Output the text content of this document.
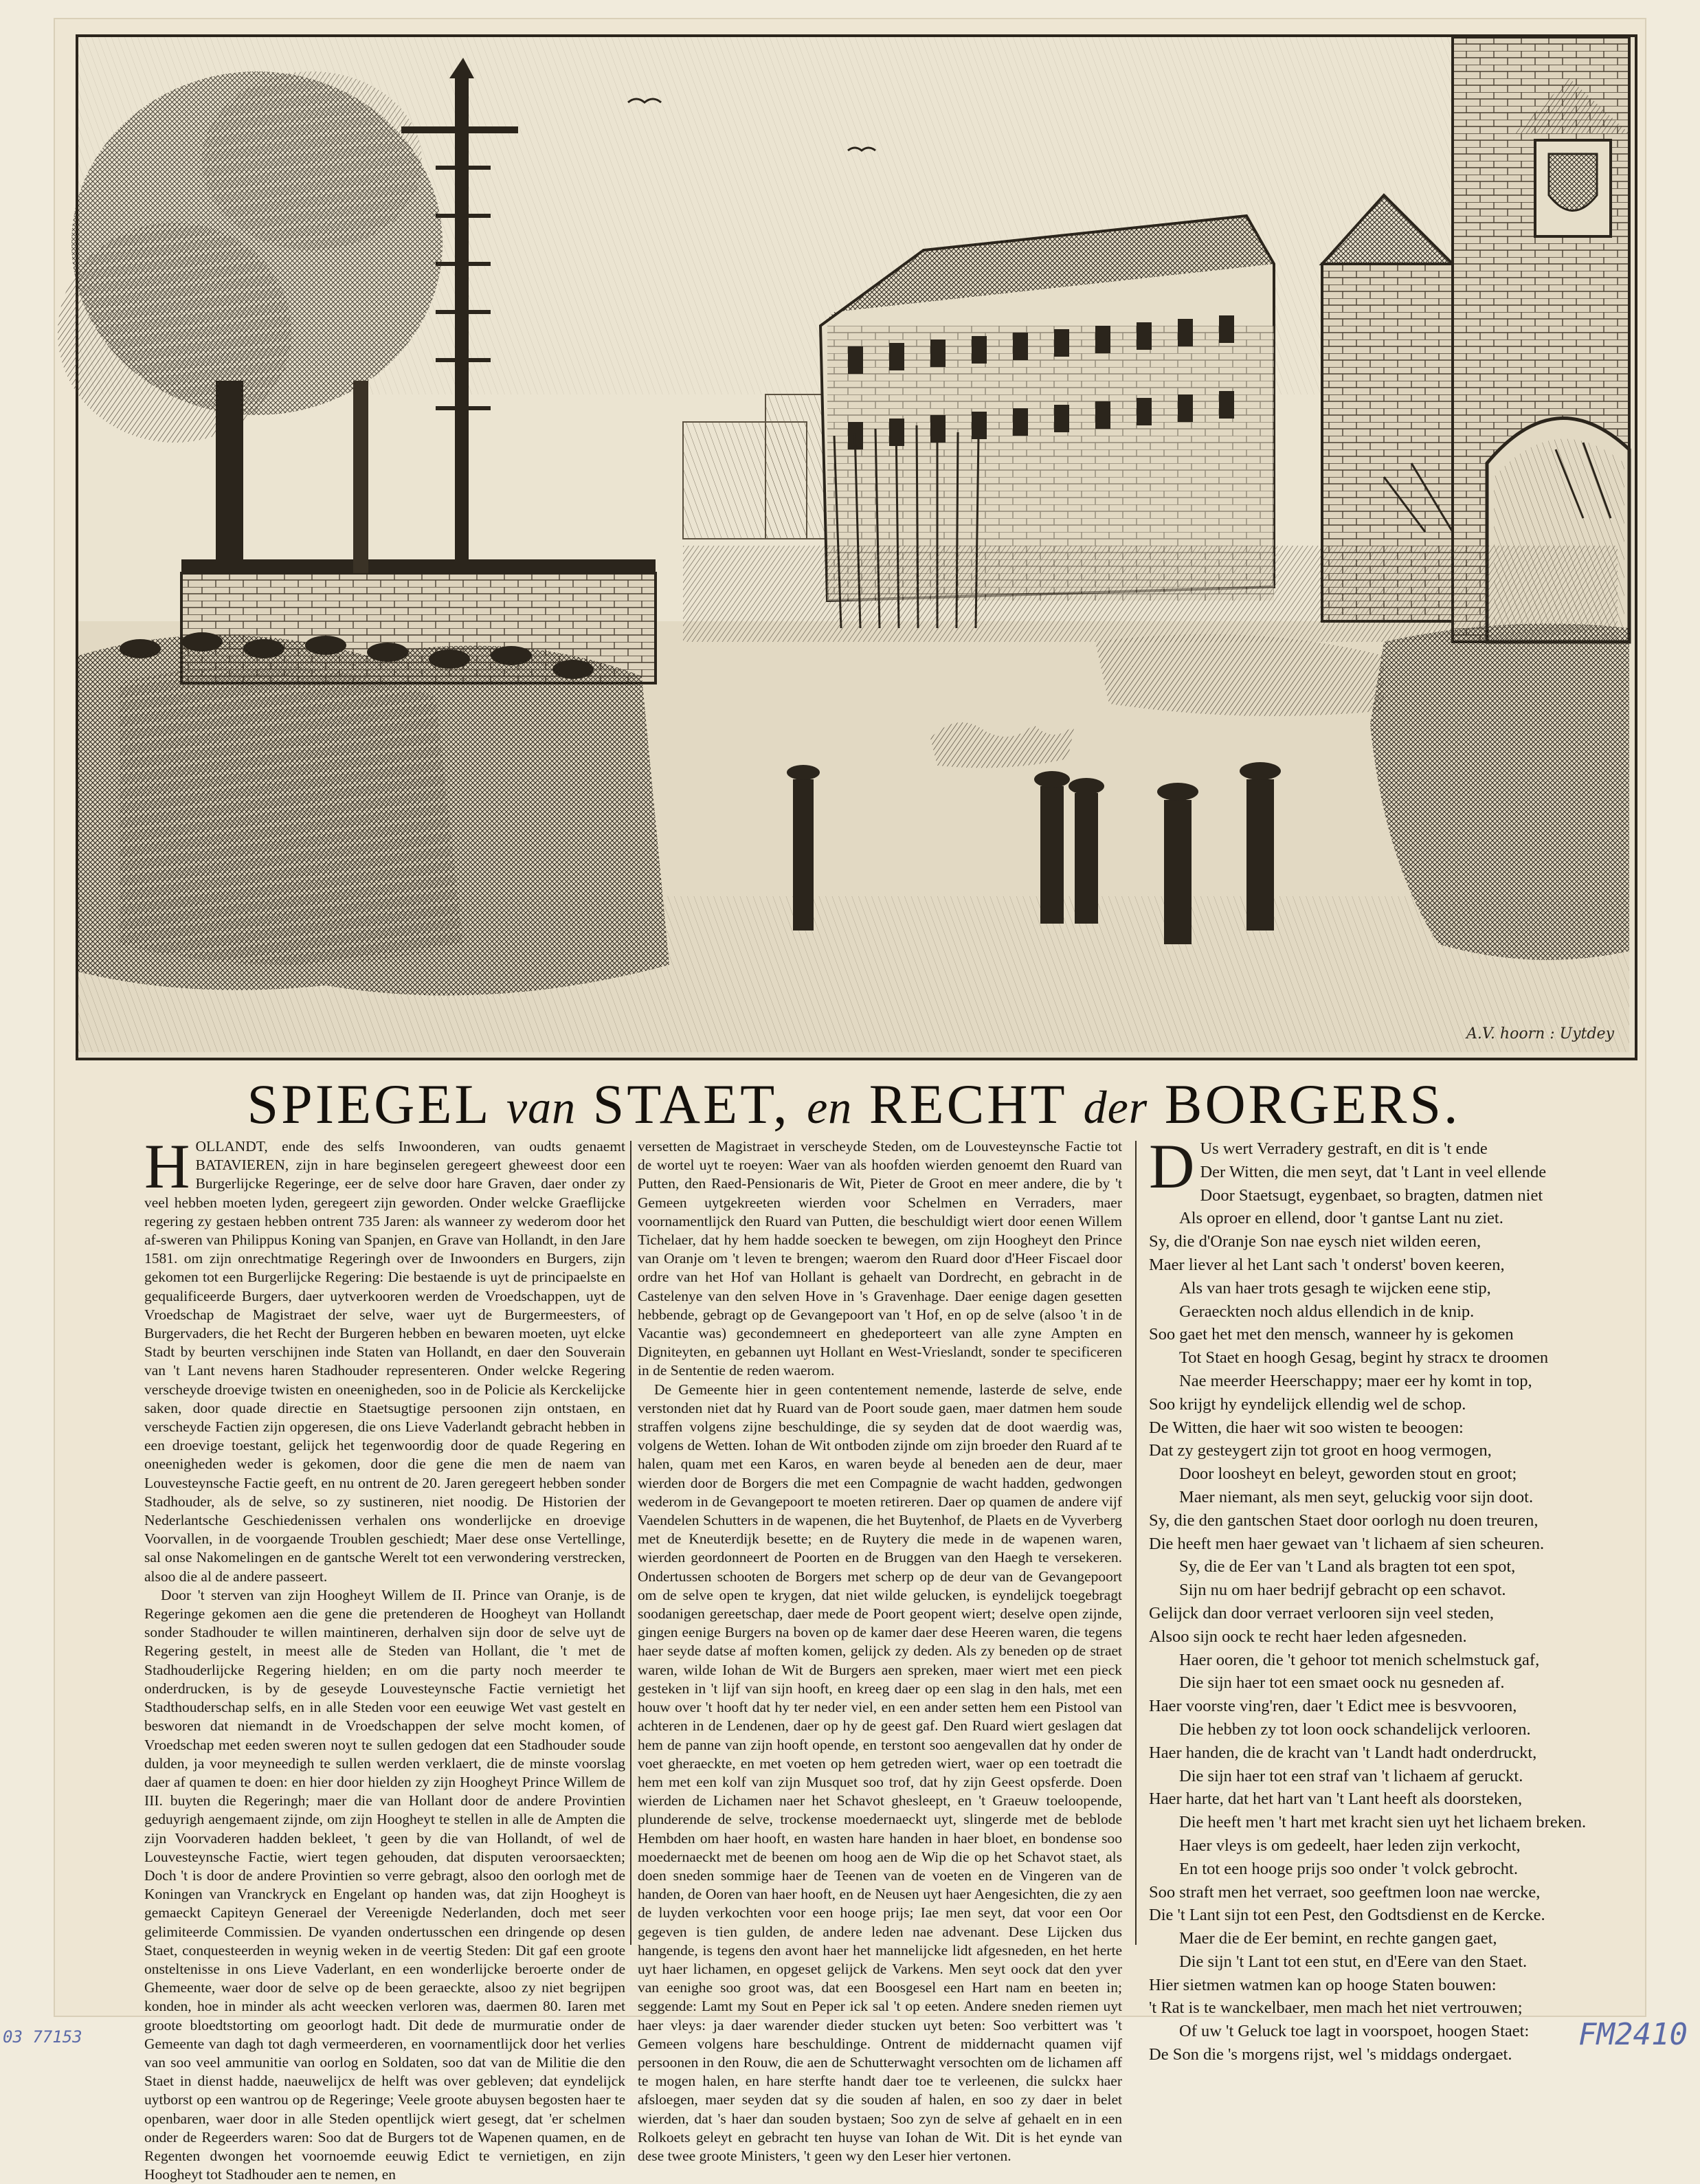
A.V. hoorn : Uytdey
SPIEGEL van STAET, en RECHT der BORGERS.
H OLLANDT, ende des selfs Inwoonderen, van oudts genaemt BATAVIEREN, zijn in hare beginselen geregeert gheweest door een Burgerlijcke Regeringe, eer de selve door hare Graven, daer onder zy veel hebben moeten lyden, geregeert zijn geworden. Onder welcke Graeflijcke regering zy gestaen hebben ontrent 735 Jaren: als wanneer zy wederom door het af-sweren van Philippus Koning van Spanjen, en Grave van Hollandt, in den Jare 1581. om zijn onrechtmatige Regeringh over de Inwoonders en Burgers, zijn gekomen tot een Burgerlijcke Regering: Die bestaende is uyt de principaelste en gequalificeerde Burgers, daer uytverkooren werden de Vroedschappen, uyt de Vroedschap de Magistraet der selve, waer uyt de Burgermeesters, of Burgervaders, die het Recht der Burgeren hebben en bewaren moeten, uyt elcke Stadt by beurten verschijnen inde Staten van Hollandt, en daer den Souverain van 't Lant nevens haren Stadhouder representeren. Onder welcke Regering verscheyde droevige twisten en oneenigheden, soo in de Policie als Kerckelijcke saken, door quade directie en Staetsugtige persoonen zijn ontstaen, en verscheyde Factien zijn opgeresen, die ons Lieve Vaderlandt gebracht hebben in een droevige toestant, gelijck het tegenwoordig door de quade Regering en oneenigheden weder is gekomen, door die gene die men de naem van Louvesteynsche Factie geeft, en nu ontrent de 20. Jaren geregeert hebben sonder Stadhouder, als de selve, so zy sustineren, niet noodig. De Historien der Nederlantsche Geschiedenissen verhalen ons wonderlijcke en droevige Voorvallen, in de voorgaende Troublen geschiedt; Maer dese onse Vertellinge, sal onse Nakomelingen en de gantsche Werelt tot een verwondering verstrecken, alsoo die al de andere passeert.

Door 't sterven van zijn Hoogheyt Willem de II. Prince van Oranje, is de Regeringe gekomen aen die gene die pretenderen de Hoogheyt van Hollandt sonder Stadhouder te willen maintineren, derhalven sijn door de selve uyt de Regering gestelt, in meest alle de Steden van Hollant, die 't met de Stadhouderlijcke Regering hielden; en om die party noch meerder te onderdrucken, is by de geseyde Louvesteynsche Factie vernietigt het Stadthouderschap selfs, en in alle Steden voor een eeuwige Wet vast gestelt en besworen dat niemandt in de Vroedschappen der selve mocht komen, of Vroedschap met eeden sweren noyt te sullen gedogen dat een Stadhouder soude dulden, ja voor meyneedigh te sullen werden verklaert, die de minste voorslag daer af quamen te doen: en hier door hielden zy zijn Hoogheyt Prince Willem de III. buyten die Regeringh; maer die van Hollant door de andere Provintien geduyrigh aengemaent zijnde, om zijn Hoogheyt te stellen in alle de Ampten die zijn Voorvaderen hadden bekleet, 't geen by die van Hollandt, of wel de Louvesteynsche Factie, wiert tegen gehouden, dat disputen veroorsaeckten; Doch 't is door de andere Provintien so verre gebragt, alsoo den oorlogh met de Koningen van Vranckryck en Engelant op handen was, dat zijn Hoogheyt is gemaeckt Capiteyn Generael der Vereenigde Nederlanden, doch met seer gelimiteerde Commissien. De vyanden ondertusschen een dringende op desen Staet, conquesteerden in weynig weken in de veertig Steden: Dit gaf een groote onsteltenisse in ons Lieve Vaderlant, en een wonderlijcke beroerte onder de Ghemeente, waer door de selve op de been geraeckte, alsoo zy niet begrijpen konden, hoe in minder als acht weecken verloren was, daermen 80. Iaren met groote bloedtstorting om geoorlogt hadt. Dit dede de murmuratie onder de Gemeente van dagh tot dagh vermeerderen, en voornamentlijck door het verlies van soo veel ammunitie van oorlog en Soldaten, soo dat van de Militie die den Staet in dienst hadde, naeuwelijcx de helft was over gebleven; dat eyndelijck uytborst op een wantrou op de Regeringe; Veele groote abuysen begosten haer te openbaren, waer door in alle Steden opentlijck wiert gesegt, dat 'er schelmen onder de Regeerders waren: Soo dat de Burgers tot de Wapenen quamen, en de Regenten dwongen het voornoemde eeuwig Edict te vernietigen, en zijn Hoogheyt tot Stadhouder aen te nemen, en

versetten de Magistraet in verscheyde Steden, om de Louvesteynsche Factie tot de wortel uyt te roeyen: Waer van als hoofden wierden genoemt den Ruard van Putten, den Raed-Pensionaris de Wit, Pieter de Groot en meer andere, die by 't Gemeen uytgekreeten wierden voor Schelmen en Verraders, maer voornamentlijck den Ruard van Putten, die beschuldigt wiert door eenen Willem Tichelaer, dat hy hem hadde soecken te bewegen, om zijn Hoogheyt den Prince van Oranje om 't leven te brengen; waerom den Ruard door d'Heer Fiscael door ordre van het Hof van Hollant is gehaelt van Dordrecht, en gebracht in de Castelenye van den selven Hove in 's Gravenhage. Daer eenige dagen gesetten hebbende, gebragt op de Gevangepoort van 't Hof, en op de selve (alsoo 't in de Vacantie was) gecondemneert en ghedeporteert van alle zyne Ampten en Digniteyten, en gebannen uyt Hollant en West-Vrieslandt, sonder te specificeren in de Sententie de reden waerom.

De Gemeente hier in geen contentement nemende, lasterde de selve, ende verstonden niet dat hy Ruard van de Poort soude gaen, maer datmen hem soude straffen volgens zijne beschuldinge, die sy seyden dat de doot waerdig was, volgens de Wetten. Iohan de Wit ontboden zijnde om zijn broeder den Ruard af te halen, quam met een Karos, en waren beyde al beneden aen de deur, maer wierden door de Borgers die met een Compagnie de wacht hadden, gedwongen wederom in de Gevangepoort te moeten retireren. Daer op quamen de andere vijf Vaendelen Schutters in de wapenen, die het Buytenhof, de Plaets en de Vyverberg met de Kneuterdijk besette; en de Ruytery die mede in de wapenen waren, wierden geordonneert de Poorten en de Bruggen van den Haegh te versekeren. Ondertussen schooten de Borgers met scherp op de deur van de Gevangepoort om de selve open te krygen, dat niet wilde gelucken, is eyndelijck toegebragt soodanigen gereetschap, daer mede de Poort geopent wiert; deselve open zijnde, gingen eenige Burgers na boven op de kamer daer dese Heeren waren, die tegens haer seyde datse af moften komen, gelijck zy deden. Als zy beneden op de straet waren, wilde Iohan de Wit de Burgers aen spreken, maer wiert met een pieck gesteken in 't lijf van sijn hooft, en kreeg daer op een slag in den hals, met een houw over 't hooft dat hy ter neder viel, en een ander setten hem een Pistool van achteren in de Lendenen, daer op hy de geest gaf. Den Ruard wiert geslagen dat hem de panne van zijn hooft opende, en terstont soo aengevallen dat hy onder de voet gheraeckte, en met voeten op hem getreden wiert, waer op een toetradt die hem met een kolf van zijn Musquet soo trof, dat hy zijn Geest opsferde. Doen wierden de Lichamen naer het Schavot ghesleept, en 't Graeuw toeloopende, plunderende de selve, trockense moedernaeckt uyt, slingerde met de beblode Hembden om haer hooft, en wasten hare handen in haer bloet, en bondense soo moedernaeckt met de beenen om hoog aen de Wip die op het Schavot staet, als doen sneden sommige haer de Teenen van de voeten en de Vingeren van de handen, de Ooren van haer hooft, en de Neusen uyt haer Aengesichten, die zy aen de luyden verkochten voor een hooge prijs; Iae men seyt, dat voor een Oor gegeven is tien gulden, de andere leden nae advenant. Dese Lijcken dus hangende, is tegens den avont haer het mannelijcke lidt afgesneden, en het herte uyt haer lichamen, en opgeset gelijck de Varkens. Men seyt oock dat den yver van eenighe soo groot was, dat een Boosgesel een Hart nam en beeten in; seggende: Lamt my Sout en Peper ick sal 't op eeten. Andere sneden riemen uyt haer vleys: ja daer warender dieder stucken uyt beten: Soo verbittert was 't Gemeen volgens hare beschuldinge. Ontrent de middernacht quamen vijf persoonen in den Rouw, die aen de Schutterwaght versochten om de lichamen aff te mogen halen, en hare sterfte handt daer toe te verleenen, die sulckx haer afsloegen, maer seyden dat sy die souden af halen, en soo zy daer in belet wierden, dat 's haer dan souden bystaen; Soo zyn de selve af gehaelt en in een Rolkoets geleyt en gebracht ten huyse van Iohan de Wit. Dit is het eynde van dese twee groote Ministers, 't geen wy den Leser hier vertonen.

D Us wert Verradery gestraft, en dit is 't ende
Der Witten, die men seyt, dat 't Lant in veel ellende
Door Staetsugt, eygenbaet, so bragten, datmen niet
Als oproer en ellend, door 't gantse Lant nu ziet.
Sy, die d'Oranje Son nae eysch niet wilden eeren,
Maer liever al het Lant sach 't onderst' boven keeren,
Als van haer trots gesagh te wijcken eene stip,
Geraeckten noch aldus ellendich in de knip.
Soo gaet het met den mensch, wanneer hy is gekomen
Tot Staet en hoogh Gesag, begint hy stracx te droomen
Nae meerder Heerschappy; maer eer hy komt in top,
Soo krijgt hy eyndelijck ellendig wel de schop.
De Witten, die haer wit soo wisten te beoogen:
Dat zy gesteygert zijn tot groot en hoog vermogen,
Door loosheyt en beleyt, geworden stout en groot;
Maer niemant, als men seyt, geluckig voor sijn doot.
Sy, die den gantschen Staet door oorlogh nu doen treuren,
Die heeft men haer gewaet van 't lichaem af sien scheuren.
Sy, die de Eer van 't Land als bragten tot een spot,
Sijn nu om haer bedrijf gebracht op een schavot.
Gelijck dan door verraet verlooren sijn veel steden,
Alsoo sijn oock te recht haer leden afgesneden.
Haer ooren, die 't gehoor tot menich schelmstuck gaf,
Die sijn haer tot een smaet oock nu gesneden af.
Haer voorste ving'ren, daer 't Edict mee is besvvooren,
Die hebben zy tot loon oock schandelijck verlooren.
Haer handen, die de kracht van 't Landt hadt onderdruckt,
Die sijn haer tot een straf van 't lichaem af geruckt.
Haer harte, dat het hart van 't Lant heeft als doorsteken,
Die heeft men 't hart met kracht sien uyt het lichaem breken.
Haer vleys is om gedeelt, haer leden zijn verkocht,
En tot een hooge prijs soo onder 't volck gebrocht.
Soo straft men het verraet, soo geeftmen loon nae wercke,
Die 't Lant sijn tot een Pest, den Godtsdienst en de Kercke.
Maer die de Eer bemint, en rechte gangen gaet,
Die sijn 't Lant tot een stut, en d'Eere van den Staet.
Hier sietmen watmen kan op hooge Staten bouwen:
't Rat is te wanckelbaer, men mach het niet vertrouwen;
Of uw 't Geluck toe lagt in voorspoet, hoogen Staet:
De Son die 's morgens rijst, wel 's middags ondergaet.
03 77153	FM2410
